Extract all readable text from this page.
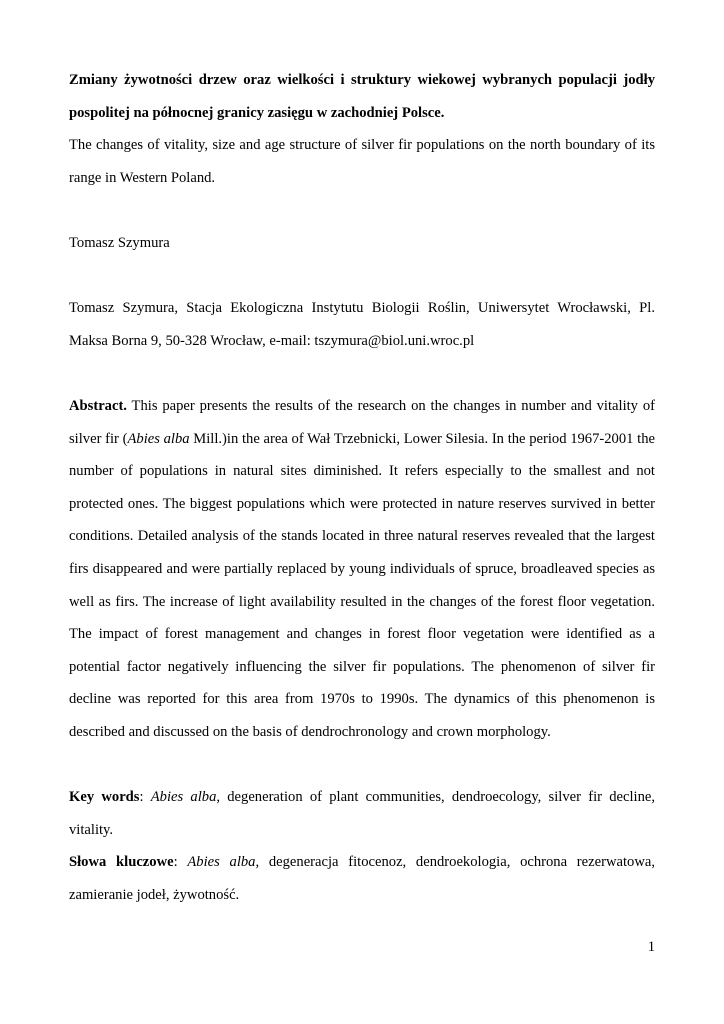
Zmiany żywotności drzew oraz wielkości i struktury wiekowej wybranych populacji jodły pospolitej na północnej granicy zasięgu w zachodniej Polsce.

The changes of vitality, size and age structure of silver fir populations on the north boundary of its range in Western Poland.

Tomasz Szymura

Tomasz Szymura, Stacja Ekologiczna Instytutu Biologii Roślin, Uniwersytet Wrocławski, Pl. Maksa Borna 9, 50-328 Wrocław, e-mail: tszymura@biol.uni.wroc.pl

Abstract. This paper presents the results of the research on the changes in number and vitality of silver fir (Abies alba Mill.)in the area of Wał Trzebnicki, Lower Silesia. In the period 1967-2001 the number of populations in natural sites diminished. It refers especially to the smallest and not protected ones. The biggest populations which were protected in nature reserves survived in better conditions. Detailed analysis of the stands located in three natural reserves revealed that the largest firs disappeared and were partially replaced by young individuals of spruce, broadleaved species as well as firs. The increase of light availability resulted in the changes of the forest floor vegetation. The impact of forest management and changes in forest floor vegetation were identified as a potential factor negatively influencing the silver fir populations. The phenomenon of silver fir decline was reported for this area from 1970s to 1990s. The dynamics of this phenomenon is described and discussed on the basis of dendrochronology and crown morphology.

Key words: Abies alba, degeneration of plant communities, dendroecology, silver fir decline, vitality.

Słowa kluczowe: Abies alba, degeneracja fitocenoz, dendroekologia, ochrona rezerwatowa, zamieranie jodeł, żywotność.

1
